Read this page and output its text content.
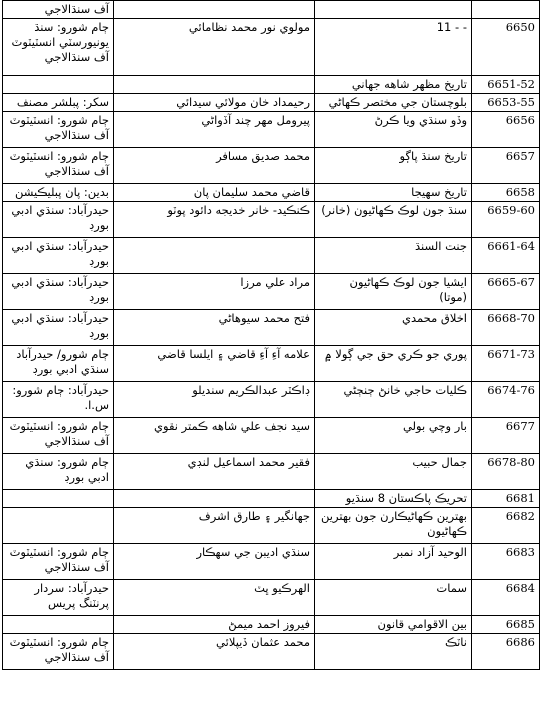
آف سنڌالاجي			
ڄام شورو: سنڌ يونيورسٽي انسٽيٽوٽ آف سنڌالاجي	مولوي نور محمد نظامائي	- - 11	6650
		تاريخ مظهر شاهه جهاني	6651-52
سکر: پبلشر مصنف	رحيمداد خان مولائي سيدائي	بلوچستان جي مختصر ڪهاڻي	6653-55
ڄام شورو: انسٽيٽوٽ آف سنڌالاجي	پيرومل مهر چند آڏواڻي	وڏو سنڌي ويا ڪرڻ	6656
ڄام شورو: انسٽيٽوٽ آف سنڌالاجي	محمد صديق مسافر	تاريخ سنڌ پاڳو	6657
بدين: پان پبليڪيشن	قاضي محمد سليمان پان	تاريخ سهيجا	6658
حيدرآباد: سنڌي ادبي بورڊ	ڪنڪيد- خانر خديجه دائود پوٽو	سنڌ جون لوڪ ڪهاڻيون (خانر)	6659-60
حيدرآباد: سنڌي ادبي بورڊ		جنت السنڌ	6661-64
حيدرآباد: سنڌي ادبي بورڊ	مراد علي مرزا	ايشيا جون لوڪ ڪهاڻيون (موتا)	6665-67
حيدرآباد: سنڌي ادبي بورڊ	فتح محمد سيوهاڻي	اخلاق محمدي	6668-70
ڄام شورو/ حيدرآباد سنڌي ادبي بورڊ	علامه آءِ آءِ قاضي ۽ ايلسا قاضي	پوري جو ڪري حق جي ڳولا ۾	6671-73
حيدرآباد: ڄام شورو: س.ا.	ڊاڪٽر عبدالڪريم سنديلو	ڪليات حاجي خانڻ ڄنڄڻي	6674-76
ڄام شورو: انسٽيٽوٽ آف سنڌالاجي	سيد نجف علي شاهه ڪمتر نقوي	بار وچي بولي	6677
ڄام شورو: سنڌي ادبي بورڊ	فقير محمد اسماعيل لنڊي	جمال حبيب	6678-80
		تحريڪ پاڪستان 8 سنڌيو	6681
	جهانگير ۽ طارق اشرف	بهترين ڪهاڻيڪارن جون بهترين ڪهاڻيون	6682
ڄام شورو: انسٽيٽوٽ آف سنڌالاجي	سنڌي اديبن جي سهڪار	الوحيد آزاد نمبر	6683
حيدرآباد: سردار پرنٽنگ پريس	الهرڪيو ڀٽ	سمات	6684
	فيروز احمد ميمڻ	بين الاقوامي قانون	6685
ڄام شورو: انسٽيٽوٽ آف سنڌالاجي	محمد عثمان ڏيپلائي	ناٽڪ	6686
